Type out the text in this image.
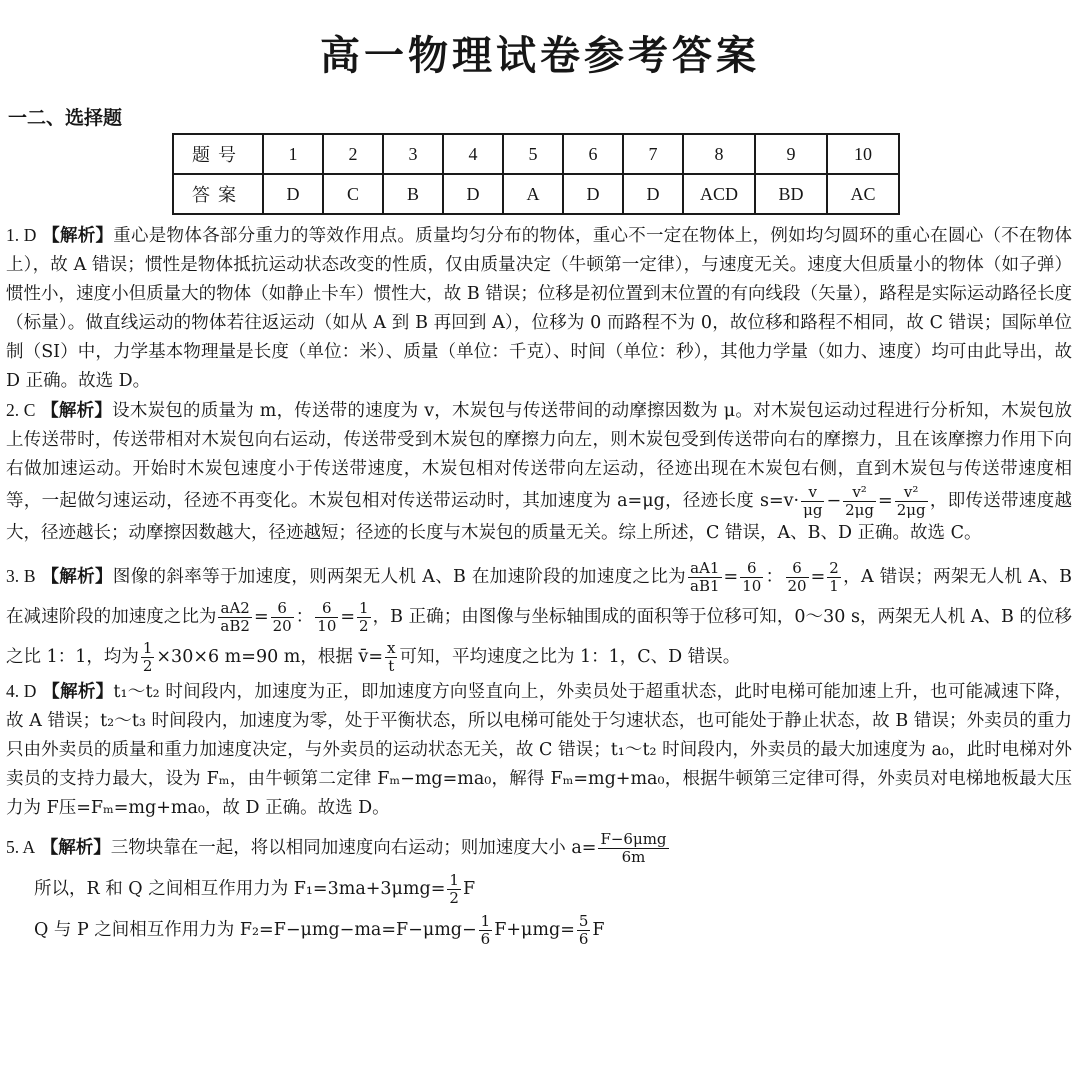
高一物理试卷参考答案
一二、选择题
题号	1	2	3	4	5	6	7	8	9	10
答案	D	C	B	D	A	D	D	ACD	BD	AC

1. D 【解析】重心是物体各部分重力的等效作用点。质量均匀分布的物体，重心不一定在物体上，例如均匀圆环的重心在圆心（不在物体上），故 A 错误；惯性是物体抵抗运动状态改变的性质，仅由质量决定（牛顿第一定律），与速度无关。速度大但质量小的物体（如子弹）惯性小，速度小但质量大的物体（如静止卡车）惯性大，故 B 错误；位移是初位置到末位置的有向线段（矢量），路程是实际运动路径长度（标量）。做直线运动的物体若往返运动（如从 A 到 B 再回到 A），位移为 0 而路程不为 0，故位移和路程不相同，故 C 错误；国际单位制（SI）中，力学基本物理量是长度（单位：米）、质量（单位：千克）、时间（单位：秒），其他力学量（如力、速度）均可由此导出，故 D 正确。故选 D。

2. C 【解析】设木炭包的质量为 m，传送带的速度为 v，木炭包与传送带间的动摩擦因数为 μ。对木炭包运动过程进行分析知，木炭包放上传送带时，传送带相对木炭包向右运动，传送带受到木炭包的摩擦力向左，则木炭包受到传送带向右的摩擦力，且在该摩擦力作用下向右做加速运动。开始时木炭包速度小于传送带速度，木炭包相对传送带向左运动，径迹出现在木炭包右侧，直到木炭包与传送带速度相等，一起做匀速运动，径迹不再变化。木炭包相对传送带运动时，其加速度为 a=μg，径迹长度 $s=v\cdot \frac{v}{\mu g} - \frac{\text{v²}}{2\mu g} = \frac{\text{v²}}{2\mu g}$ ，即传送带速度越大，径迹越长；动摩擦因数越大，径迹越短；径迹的长度与木炭包的质量无关。综上所述，C 错误，A、B、D 正确。故选 C。

3. B 【解析】图像的斜率等于加速度，则两架无人机 A、B 在加速阶段的加速度之比为 $\frac{aA1}{aB1} = \frac{6}{10}$ ： $\frac{6}{20} = \frac{2}{1}$ ，A 错误；两架无人机 A、B 在减速阶段的加速度之比为 $\frac{aA2}{aB2} = \frac{6}{20}$ ： $\frac{6}{10} = \frac{1}{2}$ ，B 正确；由图像与坐标轴围成的面积等于位移可知，0～30 s，两架无人机 A、B 的位移之比 1：1，均为 $\frac{1}{2} \times 30\times 6$ m=90 m，根据 v̄= $\frac{x}{t}$ 可知，平均速度之比为 1：1，C、D 错误。

4. D 【解析】t₁～t₂ 时间段内，加速度为正，即加速度方向竖直向上，外卖员处于超重状态，此时电梯可能加速上升，也可能减速下降，故 A 错误；t₂～t₃ 时间段内，加速度为零，处于平衡状态，所以电梯可能处于匀速状态，也可能处于静止状态，故 B 错误；外卖员的重力只由外卖员的质量和重力加速度决定，与外卖员的运动状态无关，故 C 错误；t₁～t₂ 时间段内，外卖员的最大加速度为 a₀，此时电梯对外卖员的支持力最大，设为 Fₘ，由牛顿第二定律 Fₘ−mg=ma₀，解得 Fₘ=mg+ma₀，根据牛顿第三定律可得，外卖员对电梯地板最大压力为 F压=Fₘ=mg+ma₀，故 D 正确。故选 D。

5. A 【解析】三物块靠在一起，将以相同加速度向右运动；则加速度大小 $a= \frac{\text{F−6μmg}}{6m}$

所以，R 和 Q 之间相互作用力为 $F_1=3ma+3\mu mg= \frac{1}{2}$ F

Q 与 P 之间相互作用力为 $F_2=F-\mu mg-ma=F-\mu mg- \frac{1}{6} F+\mu mg= \frac{5}{6}$ F
